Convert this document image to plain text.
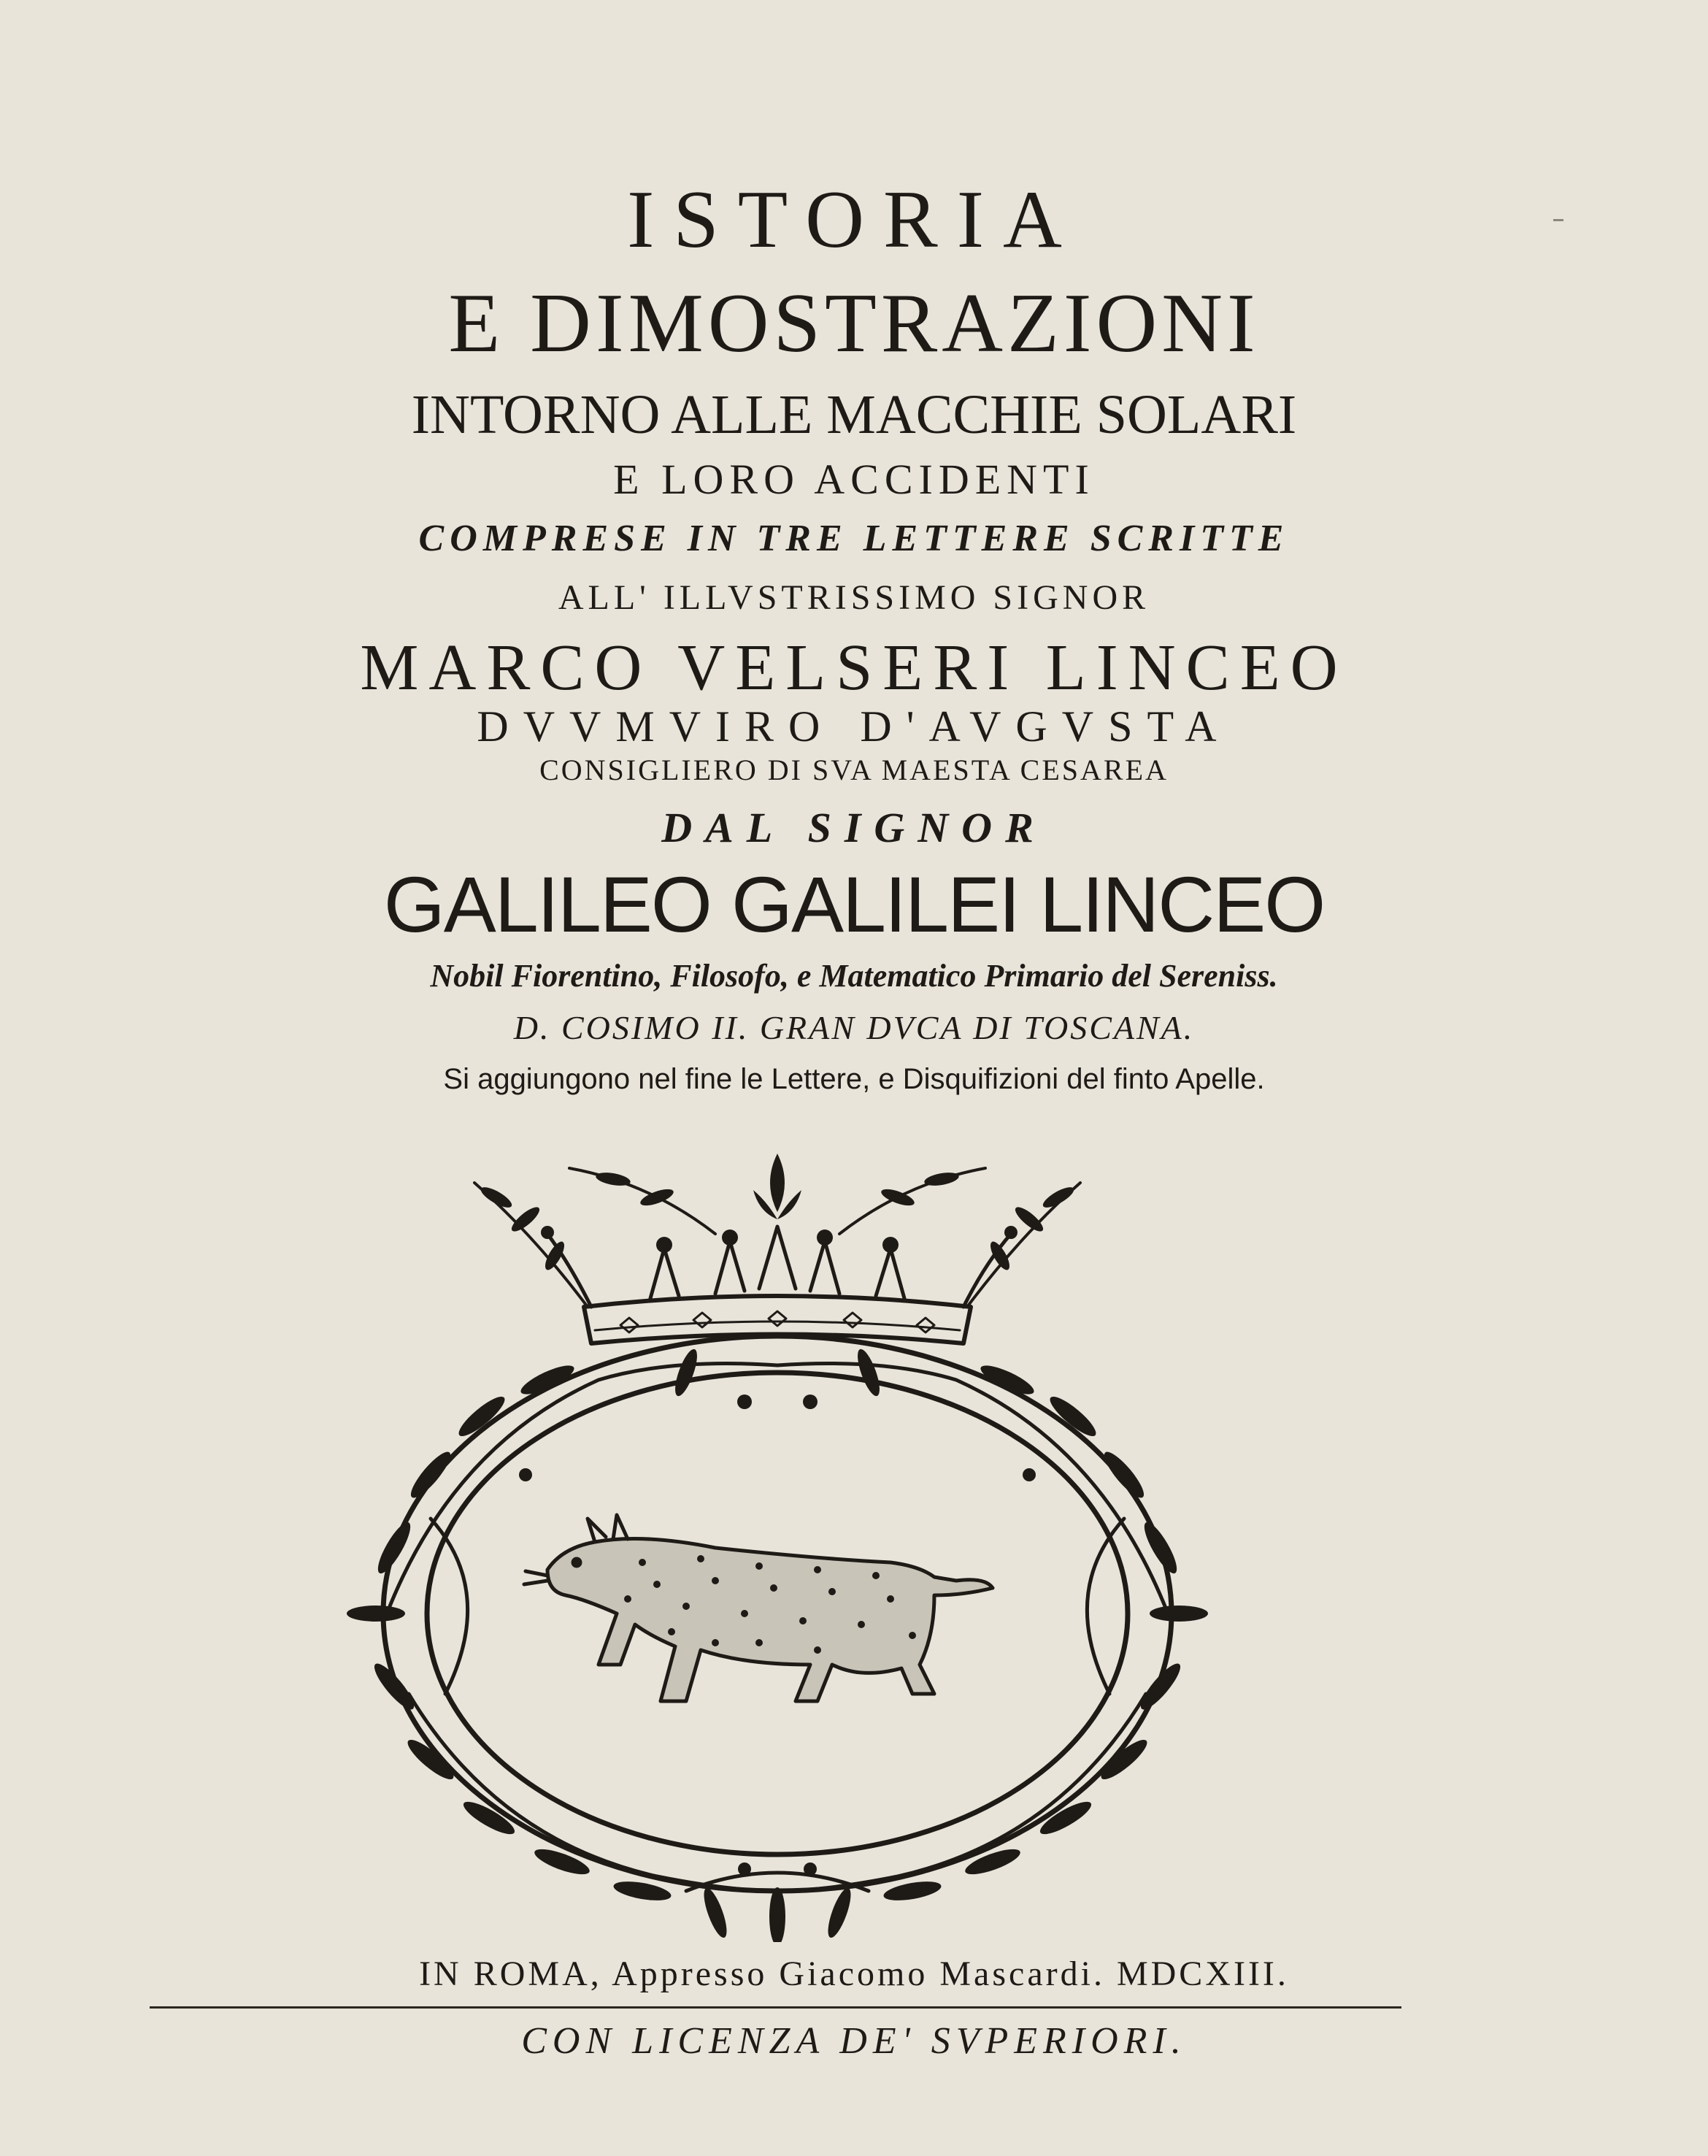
ISTORIA
E DIMOSTRAZIONI
INTORNO ALLE MACCHIE SOLARI
E LORO ACCIDENTI
COMPRESE IN TRE LETTERE SCRITTE
ALL' ILLVSTRISSIMO SIGNOR
MARCO VELSERI LINCEO
DVVMVIRO D'AVGVSTA
CONSIGLIERO DI SVA MAESTA CESAREA
DAL SIGNOR
GALILEO GALILEI LINCEO
Nobil Fiorentino, Filosofo, e Matematico Primario del Sereniss.
D. COSIMO II. GRAN DVCA DI TOSCANA.
Si aggiungono nel fine le Lettere, e Disquifizioni del finto Apelle.
IN ROMA, Appresso Giacomo Mascardi. MDCXIII.
CON LICENZA DE' SVPERIORI.
